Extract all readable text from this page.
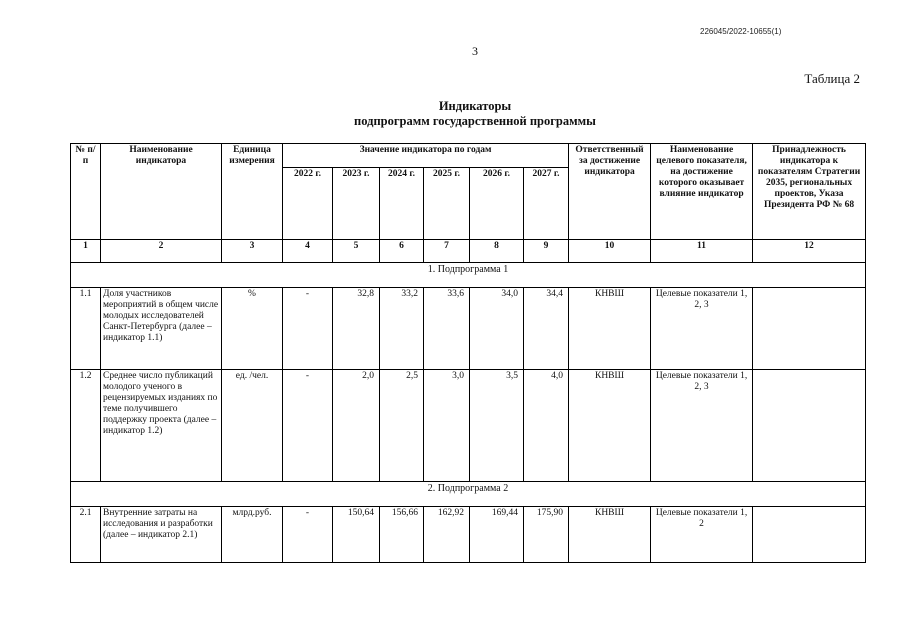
226045/2022-10655(1)
3
Таблица 2
Индикаторы
подпрограмм государственной программы
№ п/п	Наименование индикатора	Единица измерения	Значение индикатора по годам						Ответственный за достижение индикатора	Наименование целевого показателя, на достижение которого оказывает влияние индикатор	Принадлежность индикатора к показателям Стратегии 2035, региональных проектов, Указа Президента РФ № 68
			2022 г.	2023 г.	2024 г.	2025 г.	2026 г.	2027 г.			
1	2	3	4	5	6	7	8	9	10	11	12
1. Подпрограмма 1											
1.1	Доля участников мероприятий в общем числе молодых исследователей Санкт-Петербурга (далее – индикатор 1.1)	%	-	32,8	33,2	33,6	34,0	34,4	КНВШ	Целевые показатели 1, 2, 3	
1.2	Среднее число публикаций молодого ученого в рецензируемых изданиях по теме получившего поддержку проекта (далее – индикатор 1.2)	ед. /чел.	-	2,0	2,5	3,0	3,5	4,0	КНВШ	Целевые показатели 1, 2, 3	
2. Подпрограмма 2											
2.1	Внутренние затраты на исследования и разработки (далее – индикатор 2.1)	млрд.руб.	-	150,64	156,66	162,92	169,44	175,90	КНВШ	Целевые показатели 1, 2	
